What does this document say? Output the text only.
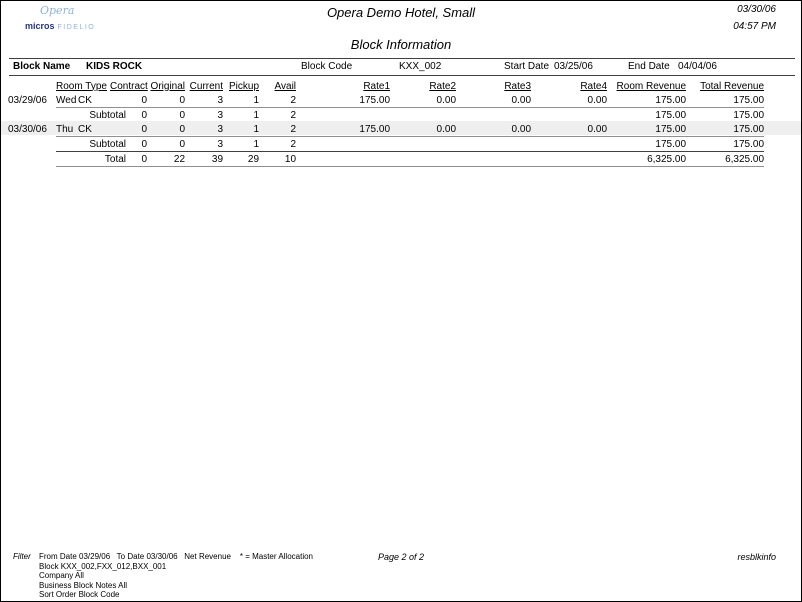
Opera
micros FIDELIO
Opera Demo Hotel, Small
Block Information
03/30/06
04:57 PM
Block Name KIDS ROCK	Block Code	KXX_002	Start Date 03/25/06	End Date 04/04/06
	Room Type		Contract	Original	Current	Pickup	Avail	Rate1	Rate2	Rate3	Rate4	Room Revenue	Total Revenue
03/29/06	Wed	CK	0	0	3	1	2	175.00	0.00	0.00	0.00	175.00	175.00
	Subtotal		0	0	3	1	2					175.00	175.00
03/30/06	Thu	CK	0	0	3	1	2	175.00	0.00	0.00	0.00	175.00	175.00
	Subtotal		0	0	3	1	2					175.00	175.00
	Total		0	22	39	29	10					6,325.00	6,325.00
Filter From Date 03/29/06   To Date 03/30/06   Net Revenue    * = Master Allocation
Block KXX_002,FXX_012,BXX_001
Company All
Business Block Notes All
Sort Order Block Code
Page 2 of 2	resblkinfo
